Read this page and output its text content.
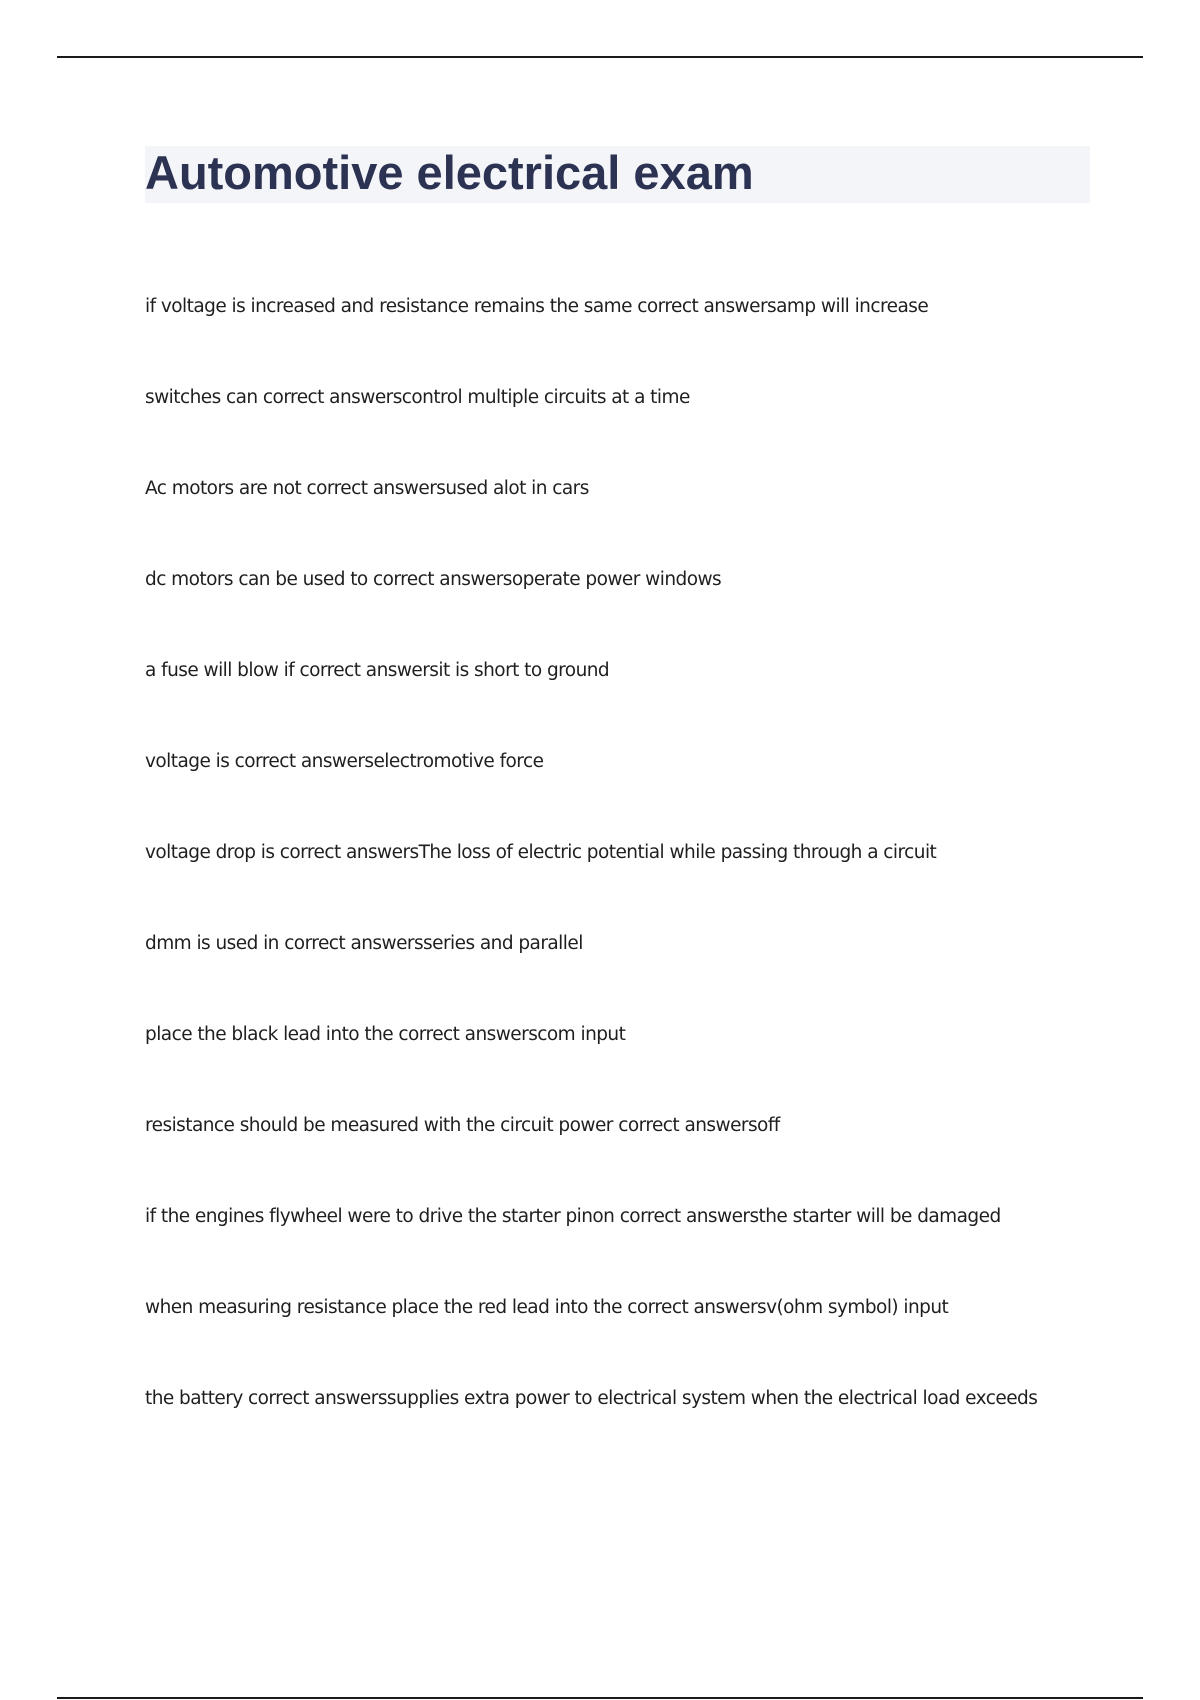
Automotive electrical exam
if voltage is increased and resistance remains the same correct answersamp will increase
switches can correct answerscontrol multiple circuits at a time
Ac motors are not correct answersused alot in cars
dc motors can be used to correct answersoperate power windows
a fuse will blow if correct answersit is short to ground
voltage is correct answerselectromotive force
voltage drop is correct answersThe loss of electric potential while passing through a circuit
dmm is used in correct answersseries and parallel
place the black lead into the correct answerscom input
resistance should be measured with the circuit power correct answersoff
if the engines flywheel were to drive the starter pinon correct answersthe starter will be damaged
when measuring resistance place the red lead into the correct answersv(ohm symbol) input
the battery correct answerssupplies extra power to electrical system when the electrical load exceeds
